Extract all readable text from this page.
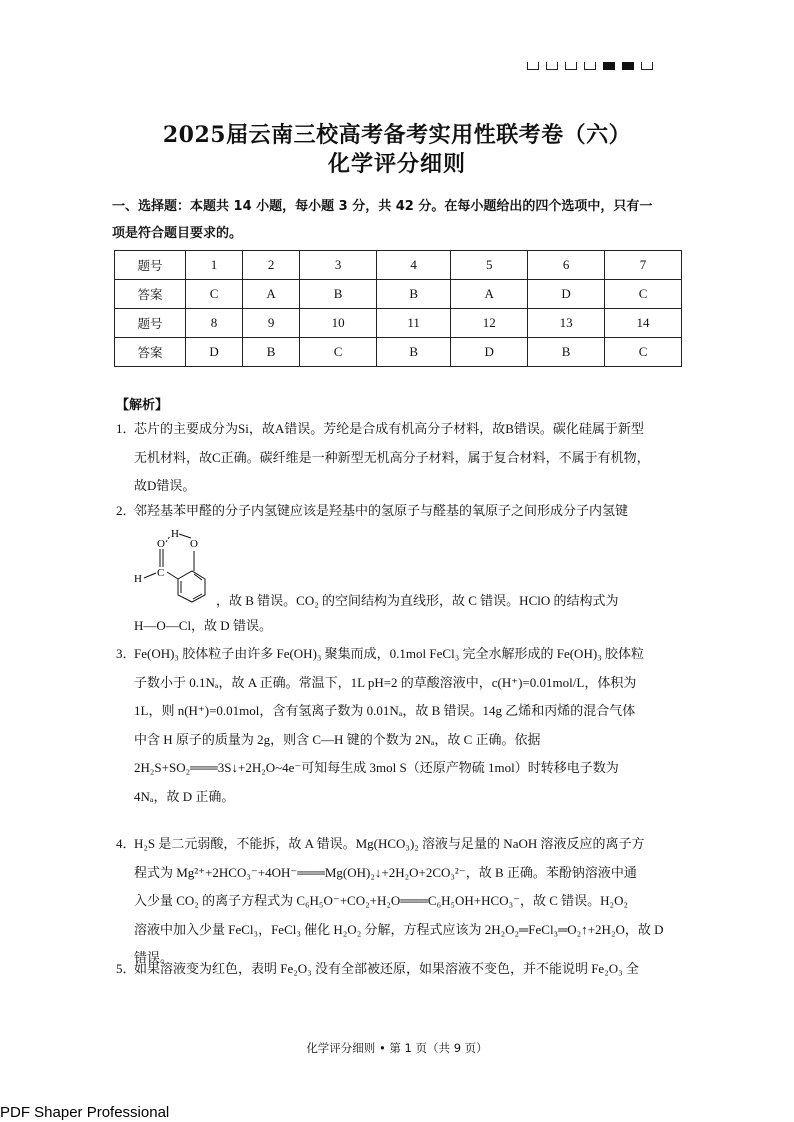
2025届云南三校高考备考实用性联考卷（六）
化学评分细则
一、选择题：本题共 14 小题，每小题 3 分，共 42 分。在每小题给出的四个选项中，只有一
项是符合题目要求的。
题号	1	2	3	4	5	6	7
答案	C	A	B	B	A	D	C
题号	8	9	10	11	12	13	14
答案	D	B	C	B	D	B	C
【解析】
1．
芯片的主要成分为Si，故A错误。芳纶是合成有机高分子材料，故B错误。碳化硅属于新型
无机材料，故C正确。碳纤维是一种新型无机高分子材料，属于复合材料，不属于有机物，
故D错误。
2．
邻羟基苯甲醛的分子内氢键应该是羟基中的氢原子与醛基的氧原子之间形成分子内氢键
O
H
O
H C
，故 B 错误。CO₂ 的空间结构为直线形，故 C 错误。HClO 的结构式为
H—O—Cl，故 D 错误。
3．
Fe(OH)₃ 胶体粒子由许多 Fe(OH)₃ 聚集而成，0.1mol FeCl₃ 完全水解形成的 Fe(OH)₃ 胶体粒
子数小于 0.1Nₐ，故 A 正确。常温下，1L pH=2 的草酸溶液中，c(H⁺)=0.01mol/L，体积为
1L，则 n(H⁺)=0.01mol，含有氢离子数为 0.01Nₐ，故 B 错误。14g 乙烯和丙烯的混合气体
中含 H 原子的质量为 2g，则含 C—H 键的个数为 2Nₐ，故 C 正确。依据
2H₂S+SO₂═══3S↓+2H₂O~4e⁻可知每生成 3mol S（还原产物硫 1mol）时转移电子数为
4Nₐ，故 D 正确。
4．
H₂S 是二元弱酸，不能拆，故 A 错误。Mg(HCO₃)₂ 溶液与足量的 NaOH 溶液反应的离子方
程式为 Mg²⁺+2HCO₃⁻+4OH⁻═══Mg(OH)₂↓+2H₂O+2CO₃²⁻，故 B 正确。苯酚钠溶液中通
入少量 CO₂ 的离子方程式为 C₆H₅O⁻+CO₂+H₂O═══C₆H₅OH+HCO₃⁻，故 C 错误。H₂O₂
溶液中加入少量 FeCl₃，FeCl₃ 催化 H₂O₂ 分解，方程式应该为 2H₂O₂═FeCl₃═O₂↑+2H₂O，故 D
错误。
5．
如果溶液变为红色，表明 Fe₂O₃ 没有全部被还原，如果溶液不变色，并不能说明 Fe₂O₃ 全
化学评分细则 • 第 1 页（共 9 页）
PDF Shaper Professional
